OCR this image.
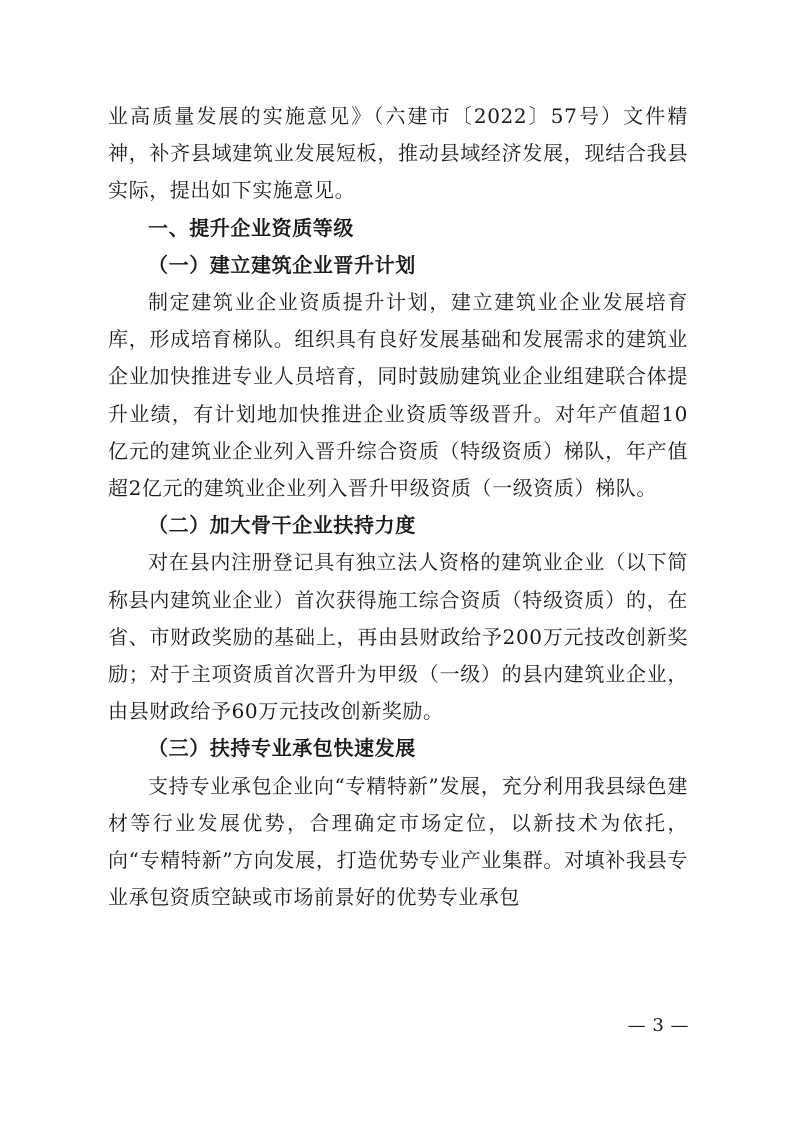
业高质量发展的实施意见》（六建市〔2022〕57号）文件精神，补齐县域建筑业发展短板，推动县域经济发展，现结合我县实际，提出如下实施意见。

一、提升企业资质等级

（一）建立建筑企业晋升计划

制定建筑业企业资质提升计划，建立建筑业企业发展培育库，形成培育梯队。组织具有良好发展基础和发展需求的建筑业企业加快推进专业人员培育，同时鼓励建筑业企业组建联合体提升业绩，有计划地加快推进企业资质等级晋升。对年产值超10亿元的建筑业企业列入晋升综合资质（特级资质）梯队，年产值超2亿元的建筑业企业列入晋升甲级资质（一级资质）梯队。

（二）加大骨干企业扶持力度

对在县内注册登记具有独立法人资格的建筑业企业（以下简称县内建筑业企业）首次获得施工综合资质（特级资质）的，在省、市财政奖励的基础上，再由县财政给予200万元技改创新奖励；对于主项资质首次晋升为甲级（一级）的县内建筑业企业，由县财政给予60万元技改创新奖励。

（三）扶持专业承包快速发展

支持专业承包企业向“专精特新”发展，充分利用我县绿色建材等行业发展优势，合理确定市场定位，以新技术为依托，向“专精特新”方向发展，打造优势专业产业集群。对填补我县专业承包资质空缺或市场前景好的优势专业承包

— 3 —
